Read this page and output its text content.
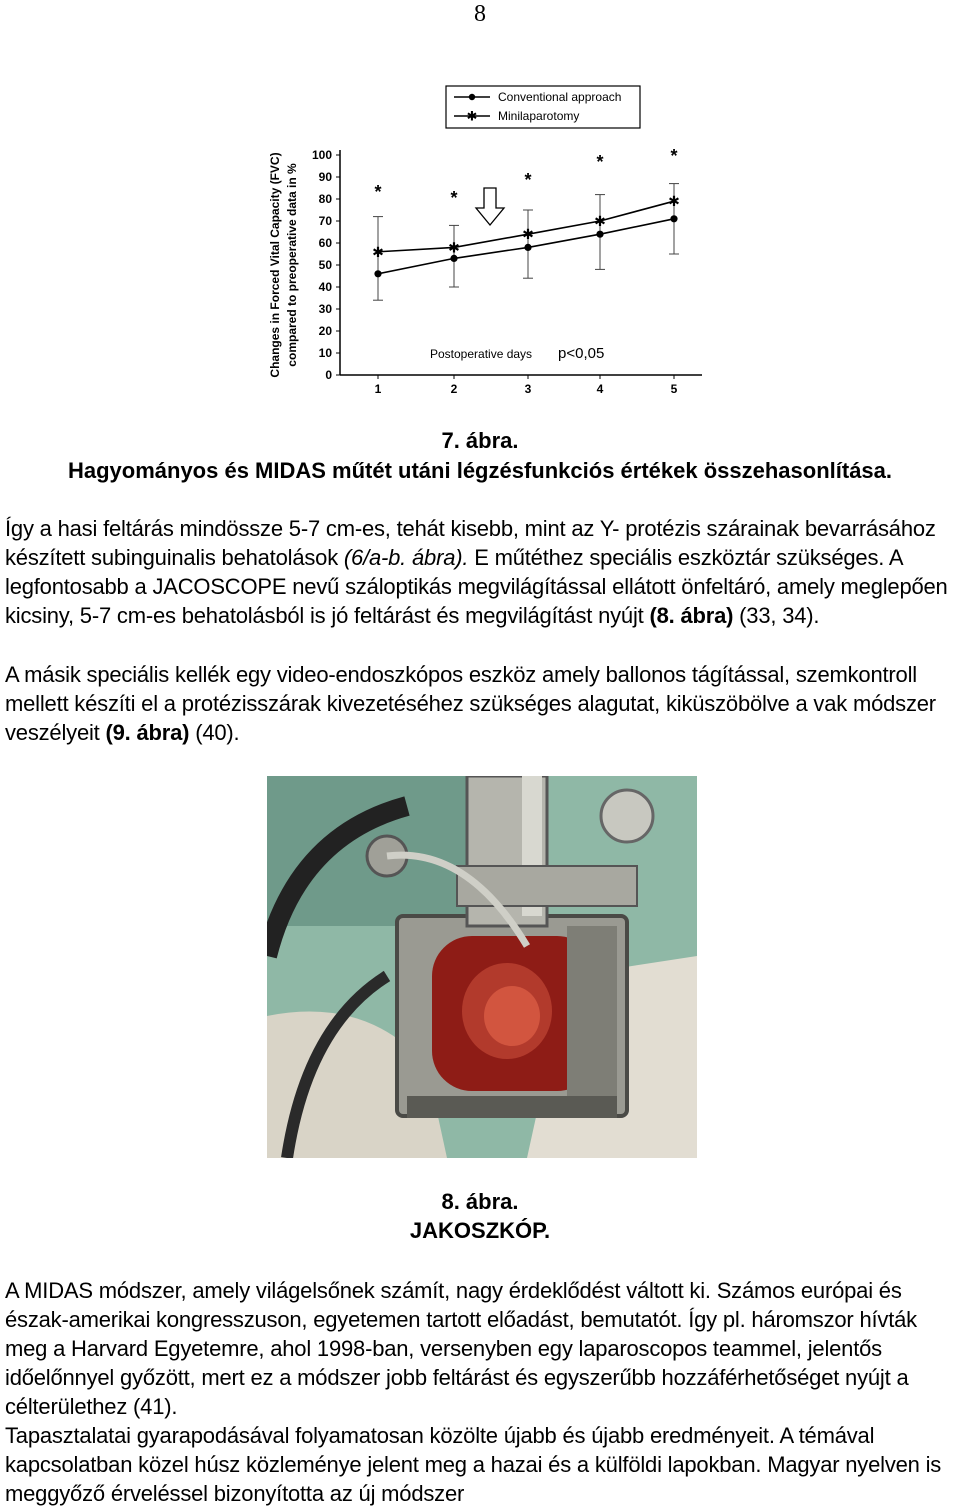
8
Conventional approach
✱ Minilaparotomy
Changes in Forced Vital Capacity (FVC) compared to preoperative data in %
0
10
20
30
40
50
60
70
80
90
100
1	2	3	4	5
✱	✱
✱
✱
✱
*	*
*
*	*
Postoperative days p<0,05

7. ábra.

Hagyományos és MIDAS műtét utáni légzésfunkciós értékek összehasonlítása.

Így a hasi feltárás mindössze 5-7 cm-es, tehát kisebb, mint az Y- protézis szárainak bevarrásához készített subinguinalis behatolások (6/a-b. ábra). E műtéthez speciális eszköztár szükséges. A legfontosabb a JACOSCOPE nevű száloptikás megvilágítással ellátott önfeltáró, amely meglepően kicsiny, 5-7 cm-es behatolásból is jó feltárást és megvilágítást nyújt (8. ábra) (33, 34).

A másik speciális kellék egy video-endoszkópos eszköz amely ballonos tágítással, szemkontroll mellett készíti el a protézisszárak kivezetéséhez szükséges alagutat, kiküszöbölve a vak módszer veszélyeit (9. ábra) (40).

8. ábra.

JAKOSZKÓP.

A MIDAS módszer, amely világelsőnek számít, nagy érdeklődést váltott ki. Számos európai és észak-amerikai kongresszuson, egyetemen tartott előadást, bemutatót. Így pl. háromszor hívták meg a Harvard Egyetemre, ahol 1998-ban, versenyben egy laparoscopos teammel, jelentős időelőnnyel győzött, mert ez a módszer jobb feltárást és egyszerűbb hozzáférhetőséget nyújt a célterülethez (41).

Tapasztalatai gyarapodásával folyamatosan közölte újabb és újabb eredményeit. A témával kapcsolatban közel húsz közleménye jelent meg a hazai és a külföldi lapokban. Magyar nyelven is meggyőző érveléssel bizonyította az új módszer
